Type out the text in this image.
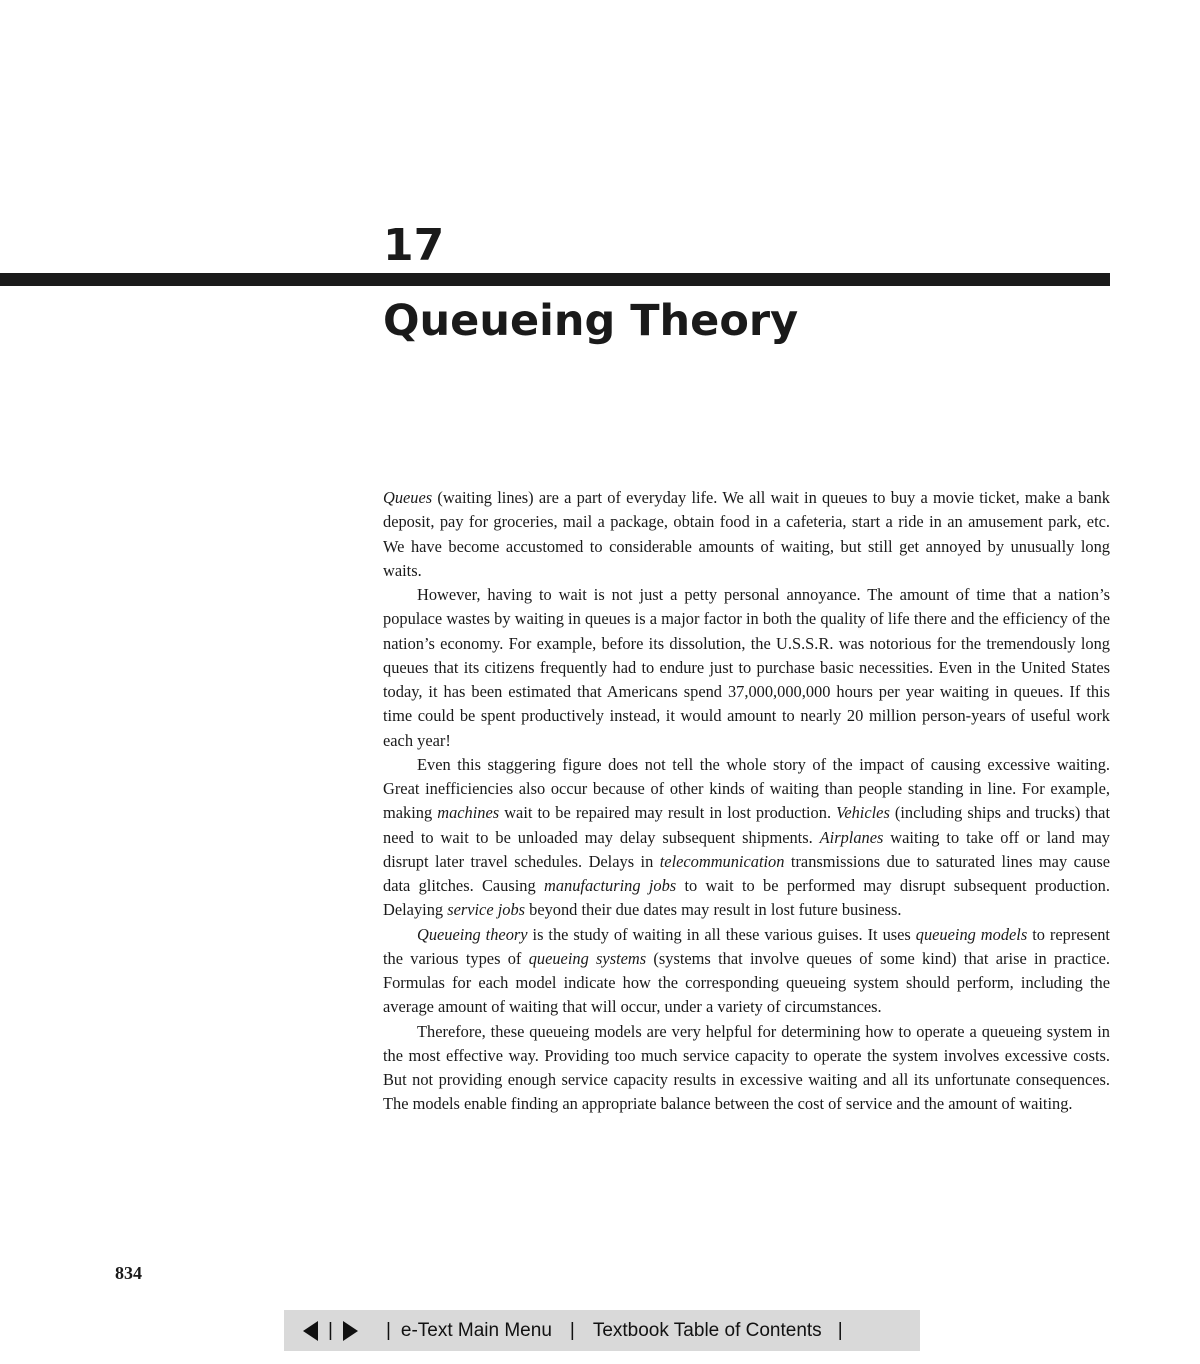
17
Queueing Theory

Queues (waiting lines) are a part of everyday life. We all wait in queues to buy a movie ticket, make a bank deposit, pay for groceries, mail a package, obtain food in a cafeteria, start a ride in an amusement park, etc. We have become accustomed to considerable amounts of waiting, but still get annoyed by unusually long waits.

However, having to wait is not just a petty personal annoyance. The amount of time that a nation’s populace wastes by waiting in queues is a major factor in both the quality of life there and the efficiency of the nation’s economy. For example, before its dissolution, the U.S.S.R. was notorious for the tremendously long queues that its citizens frequently had to endure just to purchase basic necessities. Even in the United States today, it has been estimated that Americans spend 37,000,000,000 hours per year waiting in queues. If this time could be spent productively instead, it would amount to nearly 20 million person-years of useful work each year!

Even this staggering figure does not tell the whole story of the impact of causing excessive waiting. Great inefficiencies also occur because of other kinds of waiting than people standing in line. For example, making machines wait to be repaired may result in lost production. Vehicles (including ships and trucks) that need to wait to be unloaded may delay subsequent shipments. Airplanes waiting to take off or land may disrupt later travel schedules. Delays in telecommunication transmissions due to saturated lines may cause data glitches. Causing manufacturing jobs to wait to be performed may disrupt subsequent production. Delaying service jobs beyond their due dates may result in lost future business.

Queueing theory is the study of waiting in all these various guises. It uses queueing models to represent the various types of queueing systems (systems that involve queues of some kind) that arise in practice. Formulas for each model indicate how the corresponding queueing system should perform, including the average amount of waiting that will occur, under a variety of circumstances.

Therefore, these queueing models are very helpful for determining how to operate a queueing system in the most effective way. Providing too much service capacity to operate the system involves excessive costs. But not providing enough service capacity results in excessive waiting and all its unfortunate consequences. The models enable finding an appropriate balance between the cost of service and the amount of waiting.

834
|	| e-Text Main Menu | Textbook Table of Contents |
